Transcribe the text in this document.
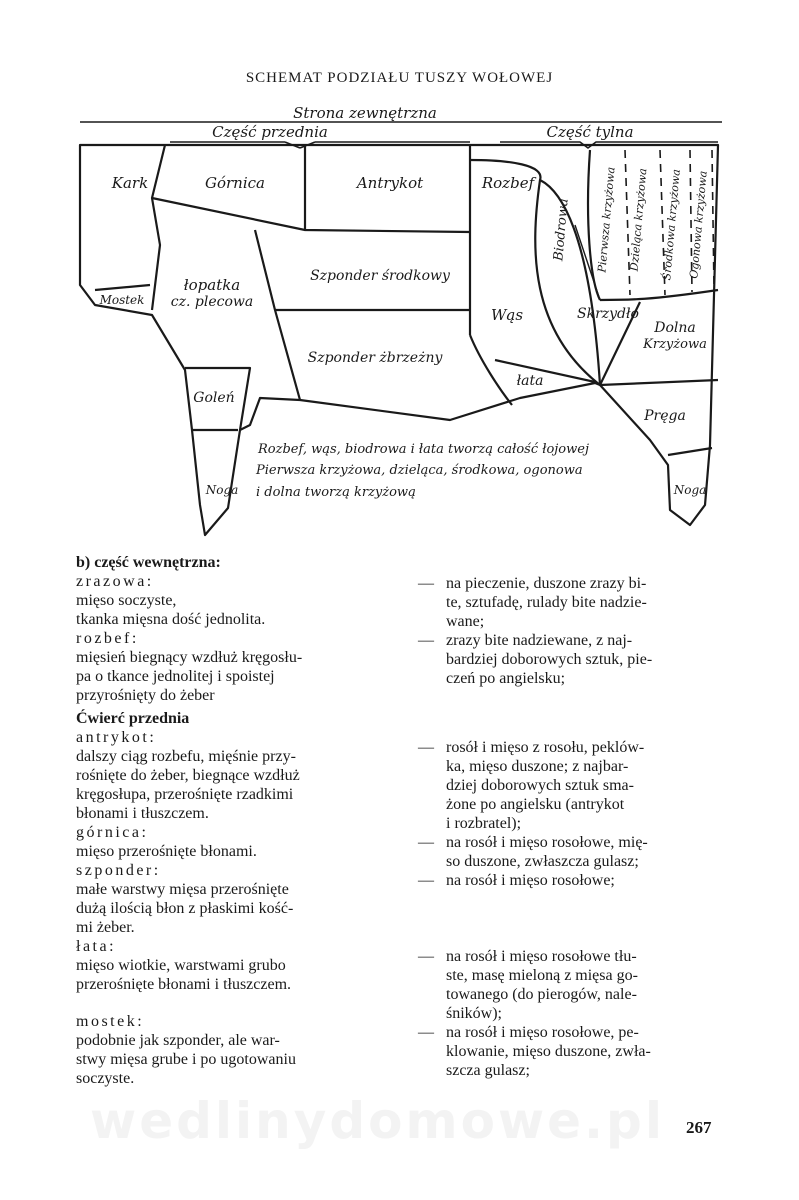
SCHEMAT PODZIAŁU TUSZY WOŁOWEJ
Strona zewnętrzna
Część przednia	Część tylna
Kark	Górnica	Antrykot	Rozbef
Biodrowa Pierwsza krzyżowa Dzieląca krzyżowa Środkowa krzyżowa Ogonowa krzyżowa
Mostek
łopatka
cz. plecowa
Szponder środkowy
Wąs	Skrzydło
Dolna
Krzyżowa
Szponder żbrzeżny
łata
Goleń
Pręga
Noga	Noga
Rozbef, wąs, biodrowa i łata tworzą całość łojowej
Pierwsza krzyżowa, dzieląca, środkowa, ogonowa
i dolna tworzą krzyżową
b) część wewnętrzna:
zrazowa:
mięso soczyste,
tkanka mięsna dość jednolita.
rozbef:
mięsień biegnący wzdłuż kręgosłu-
pa o tkance jednolitej i spoistej
przyrośnięty do żeber
Ćwierć przednia
antrykot:
dalszy ciąg rozbefu, mięśnie przy-
rośnięte do żeber, biegnące wzdłuż
kręgosłupa, przerośnięte rzadkimi
błonami i tłuszczem.
górnica:
mięso przerośnięte błonami.
szponder:
małe warstwy mięsa przerośnięte
dużą ilością błon z płaskimi kość-
mi żeber.
łata:
mięso wiotkie, warstwami grubo
przerośnięte błonami i tłuszczem.
mostek:
podobnie jak szponder, ale war-
stwy mięsa grube i po ugotowaniu
soczyste.
— na pieczenie, duszone zrazy bi-
te, sztufadę, rulady bite nadzie-
wane;
— zrazy bite nadziewane, z naj-
bardziej doborowych sztuk, pie-
czeń po angielsku;
— rosół i mięso z rosołu, peklów-
ka, mięso duszone; z najbar-
dziej doborowych sztuk sma-
żone po angielsku (antrykot
i rozbratel);
— na rosół i mięso rosołowe, mię-
so duszone, zwłaszcza gulasz;
— na rosół i mięso rosołowe;
— na rosół i mięso rosołowe tłu-
ste, masę mieloną z mięsa go-
towanego (do pierogów, nale-
śników);
— na rosół i mięso rosołowe, pe-
klowanie, mięso duszone, zwła-
szcza gulasz;
wedlinydomowe.pl 267
